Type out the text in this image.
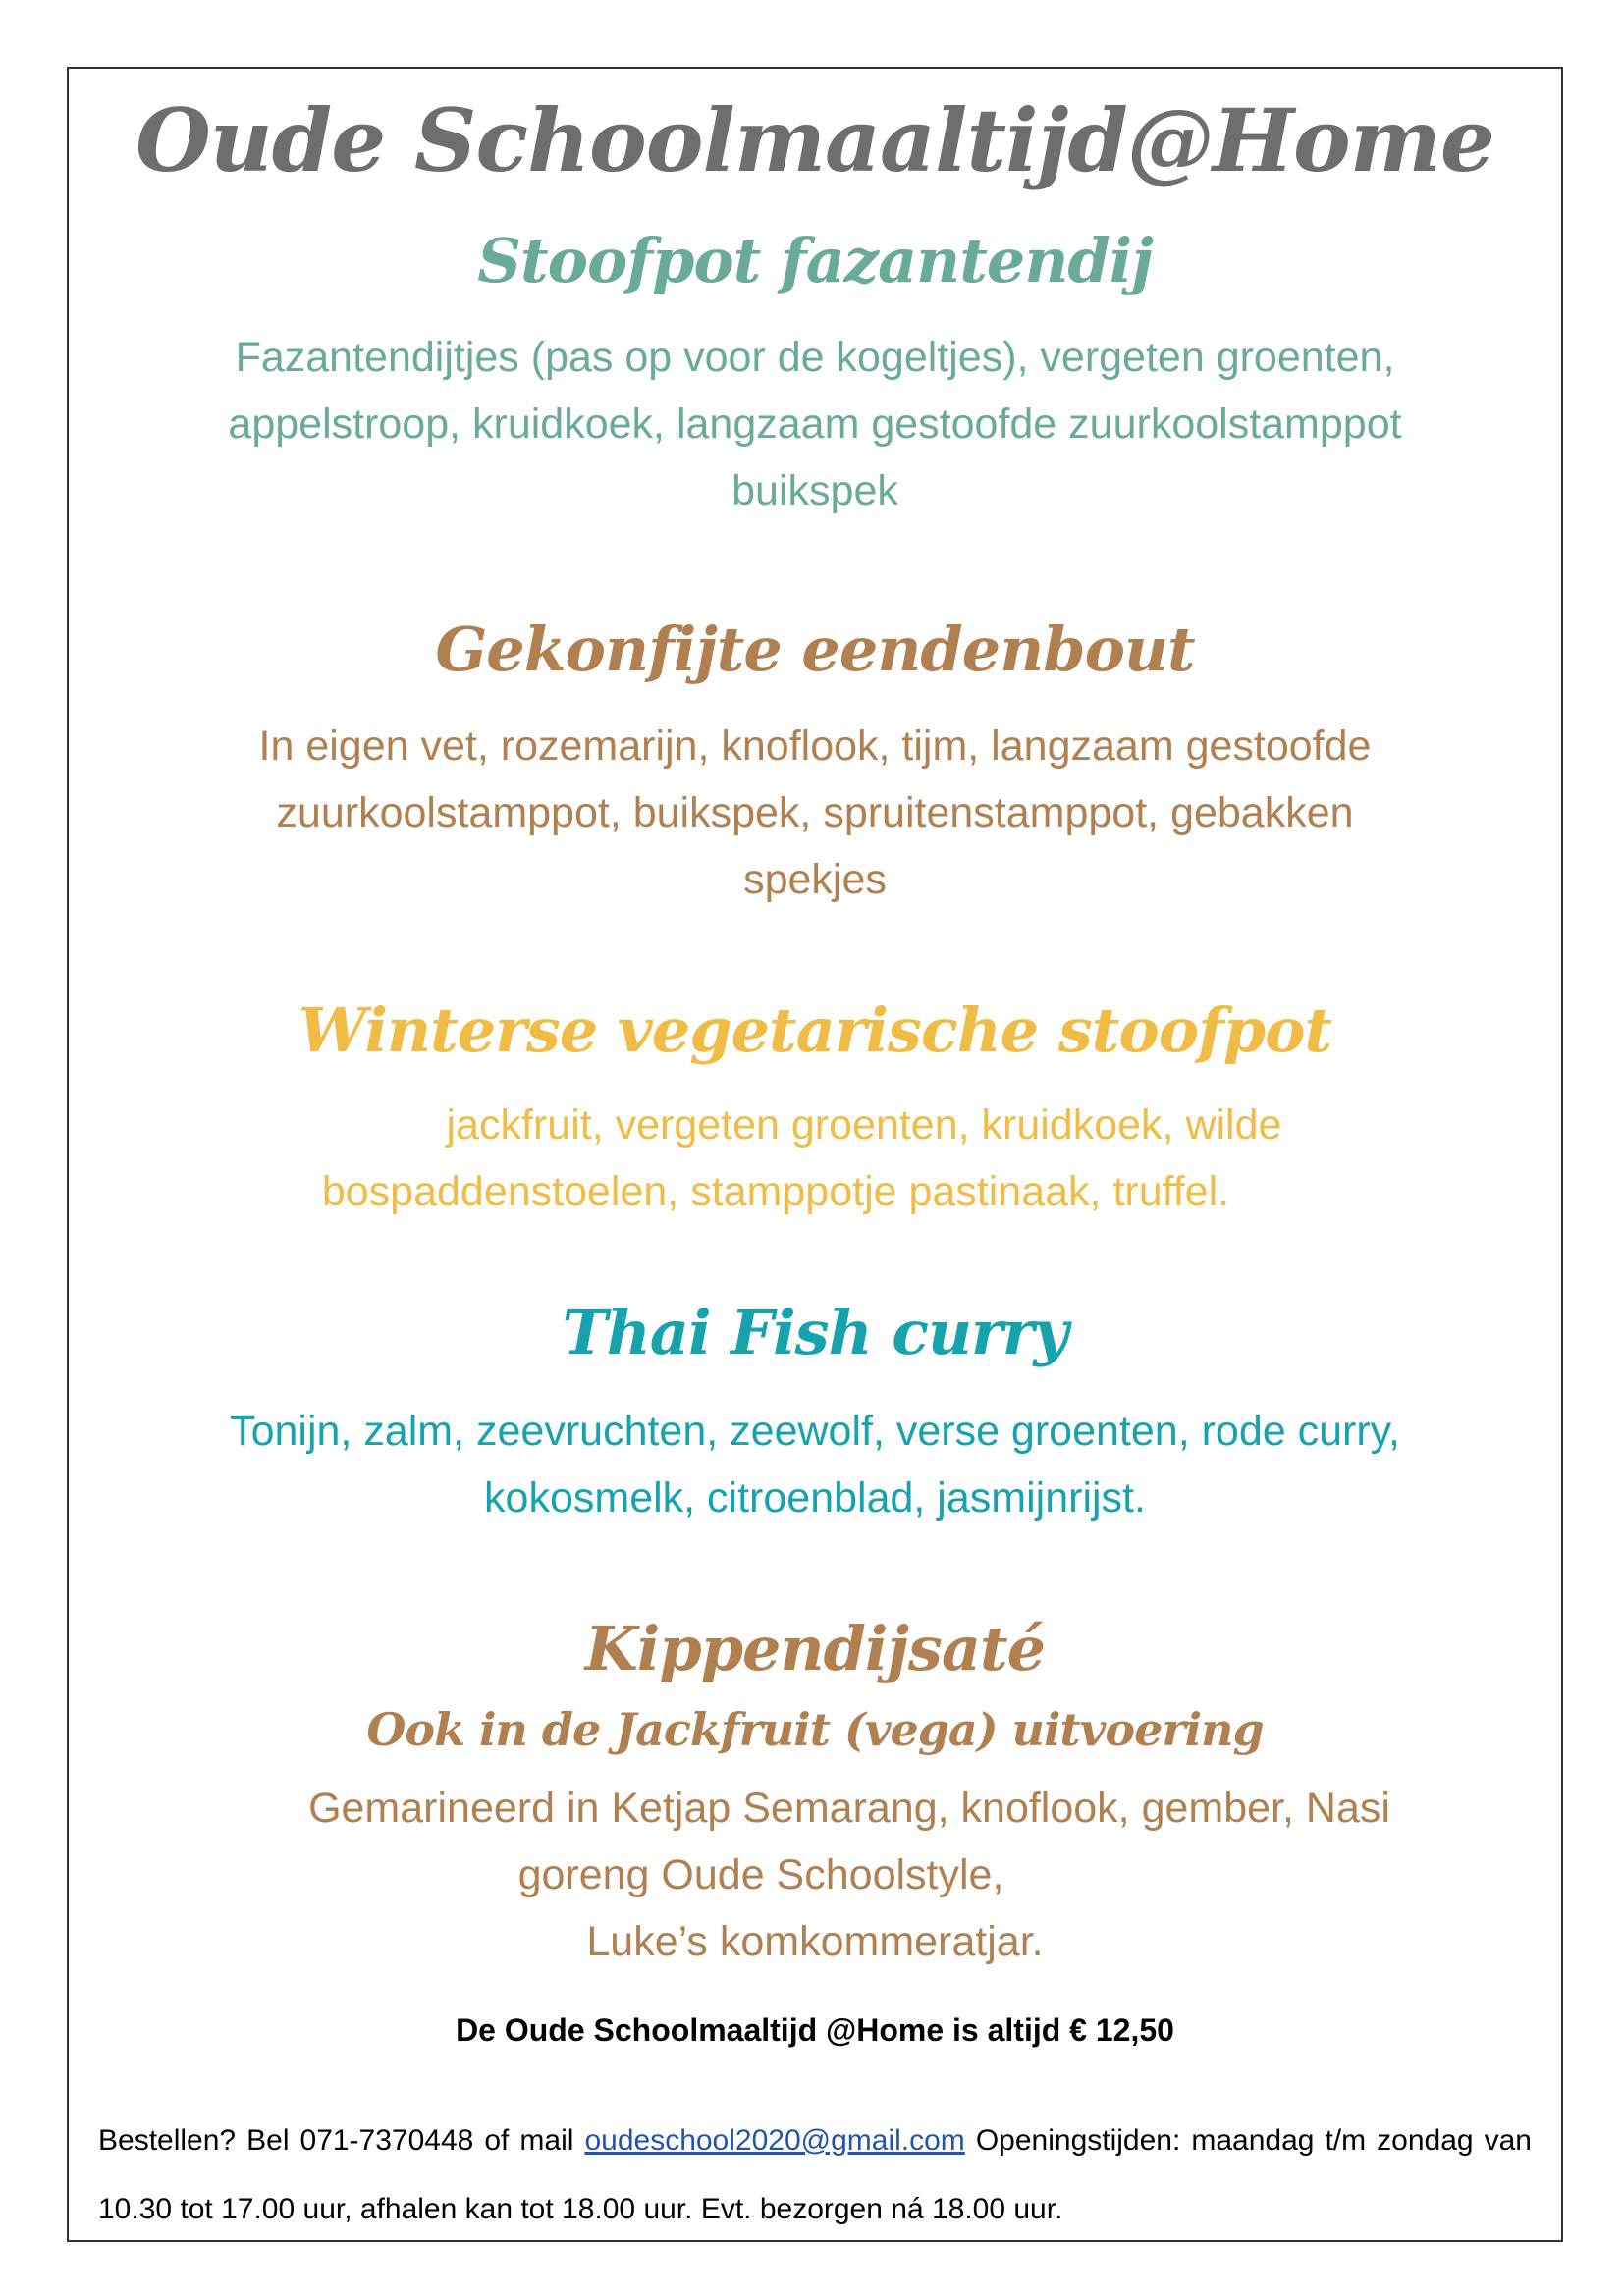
Oude Schoolmaaltijd@Home
Stoofpot fazantendij
Fazantendijtjes (pas op voor de kogeltjes), vergeten groenten,
appelstroop, kruidkoek, langzaam gestoofde zuurkoolstamppot
buikspek
Gekonfijte eendenbout
In eigen vet, rozemarijn, knoflook, tijm, langzaam gestoofde
zuurkoolstamppot, buikspek, spruitenstamppot, gebakken
spekjes
Winterse vegetarische stoofpot
jackfruit, vergeten groenten, kruidkoek, wilde
bospaddenstoelen, stamppotje pastinaak, truffel.
Thai Fish curry
Tonijn, zalm, zeevruchten, zeewolf, verse groenten, rode curry,
kokosmelk, citroenblad, jasmijnrijst.
Kippendijsaté
Ook in de Jackfruit (vega) uitvoering
Gemarineerd in Ketjap Semarang, knoflook, gember, Nasi
goreng Oude Schoolstyle,
Luke’s komkommeratjar.

De Oude Schoolmaaltijd @Home is altijd € 12,50

Bestellen? Bel 071-7370448 of mail oudeschool2020@gmail.com Openingstijden: maandag t/m zondag van 10.30 tot 17.00 uur, afhalen kan tot 18.00 uur. Evt. bezorgen ná 18.00 uur.
